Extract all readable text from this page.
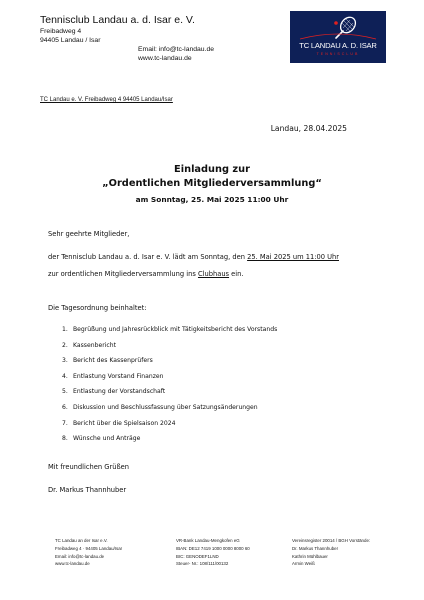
Tennisclub Landau a. d. Isar e. V.
Freibadweg 4
94405 Landau / Isar
Email: info@tc-landau.de
www.tc-landau.de
TC LANDAU A. D. ISAR
TENNISCLUB
TC Landau e. V. Freibadweg 4 94405 Landau/Isar
Landau, 28.04.2025
Einladung zur
„Ordentlichen Mitgliederversammlung“
am Sonntag, 25. Mai 2025 11:00 Uhr
Sehr geehrte Mitglieder,
der Tennisclub Landau a. d. Isar e. V. lädt am Sonntag, den 25. Mai 2025 um 11:00 Uhr
zur ordentlichen Mitgliederversammlung ins Clubhaus ein.
Die Tagesordnung beinhaltet:
1. Begrüßung und Jahresrückblick mit Tätigkeitsbericht des Vorstands
2. Kassenbericht
3. Bericht des Kassenprüfers
4. Entlastung Vorstand Finanzen
5. Entlastung der Vorstandschaft
6. Diskussion und Beschlussfassung über Satzungsänderungen
7. Bericht über die Spielsaison 2024
8. Wünsche und Anträge
Mit freundlichen Grüßen
Dr. Markus Thannhuber
TC Landau an der Isar e.V.
Freibadweg 4 · 94405 Landau/Isar
Email: info@tc-landau.de
www.tc-landau.de
VR-Bank Landau-Mengkofen eG
IBAN: DE12 7419 1000 0000 8000 60
BIC: GENODEF1LND
Steuer- Nr.: 108/111/00132
Vereinsregister 20014 / BGH Vorstände:
Dr. Markus Thannhuber
Kathrin Mühlbauer
Armin Weiß
